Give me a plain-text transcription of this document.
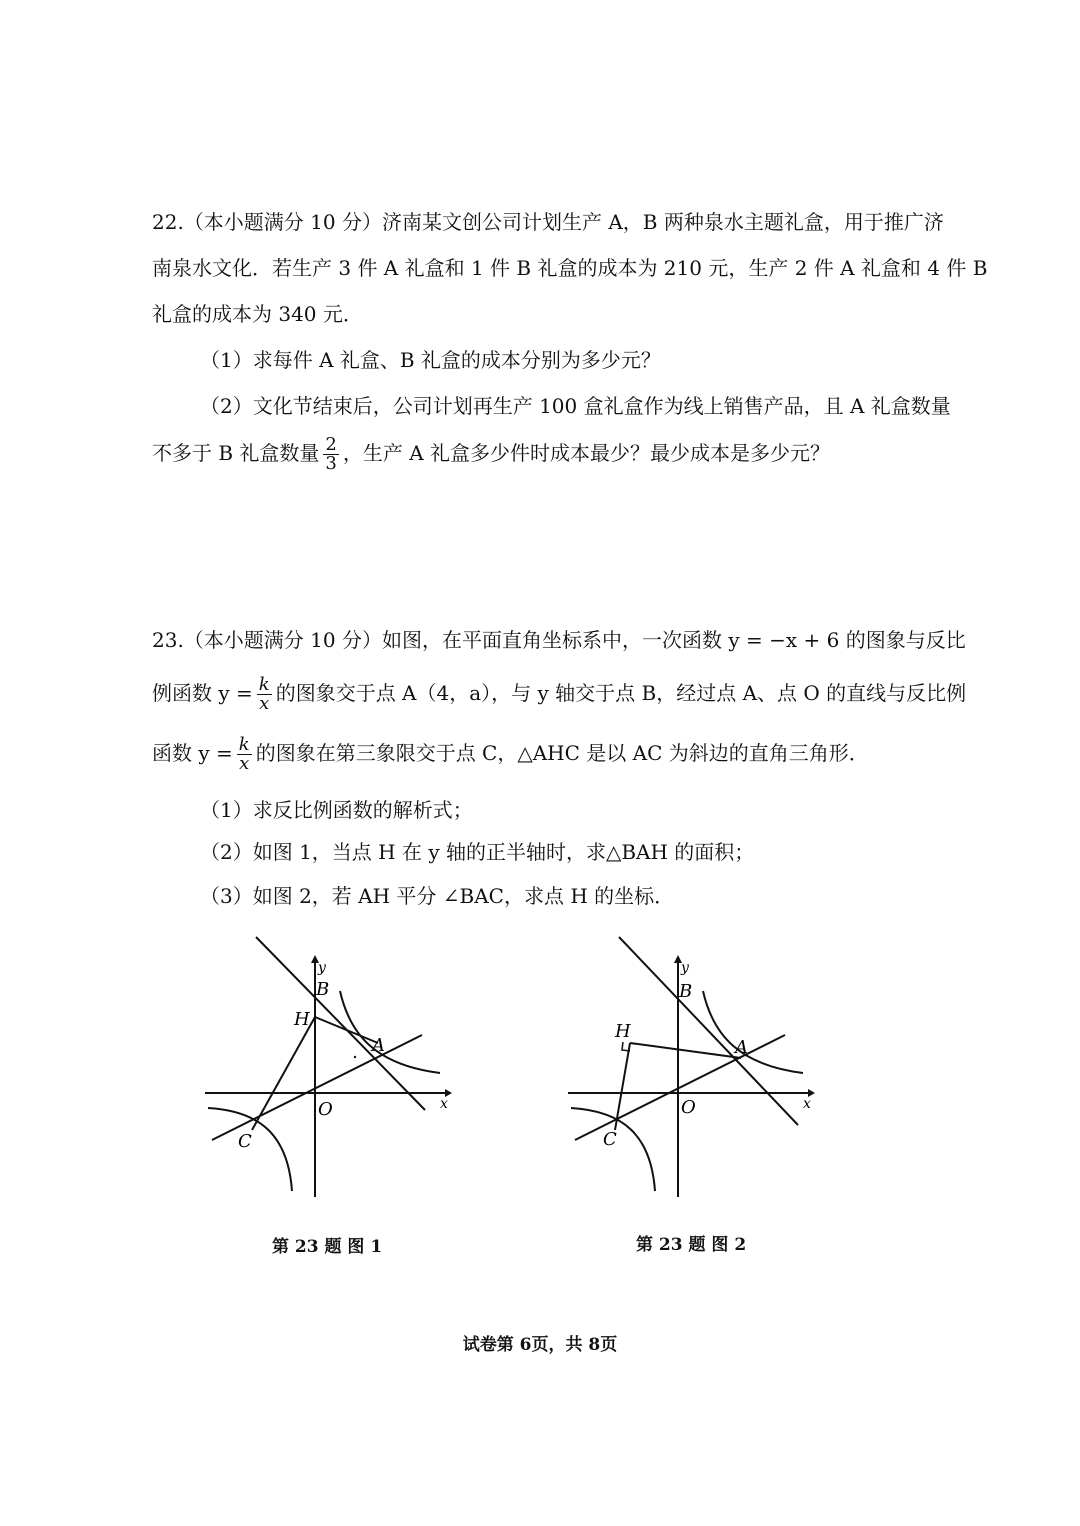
22.（本小题满分 10 分）济南某文创公司计划生产 A，B 两种泉水主题礼盒，用于推广济
南泉水文化．若生产 3 件 A 礼盒和 1 件 B 礼盒的成本为 210 元，生产 2 件 A 礼盒和 4 件 B
礼盒的成本为 340 元．
（1）求每件 A 礼盒、B 礼盒的成本分别为多少元？
（2）文化节结束后，公司计划再生产 100 盒礼盒作为线上销售产品，且 A 礼盒数量
不多于 B 礼盒数量 $\frac{2}{3}$ ，生产 A 礼盒多少件时成本最少？最少成本是多少元？
23.（本小题满分 10 分）如图，在平面直角坐标系中，一次函数 y = −x + 6 的图象与反比
例函数 $y = \frac{k}{x}$ 的图象交于点 A（4，a），与 y 轴交于点 B，经过点 A、点 O 的直线与反比例
函数 $y = \frac{k}{x}$ 的图象在第三象限交于点 C，△AHC 是以 AC 为斜边的直角三角形．
（1）求反比例函数的解析式；
（2）如图 1，当点 H 在 y 轴的正半轴时，求△BAH 的面积；
（3）如图 2，若 AH 平分 ∠BAC，求点 H 的坐标．
y
x
B
H
A
O
C
第 23 题 图 1
y
x
B
H
A
O
C
第 23 题 图 2
试卷第 6页，共 8页
